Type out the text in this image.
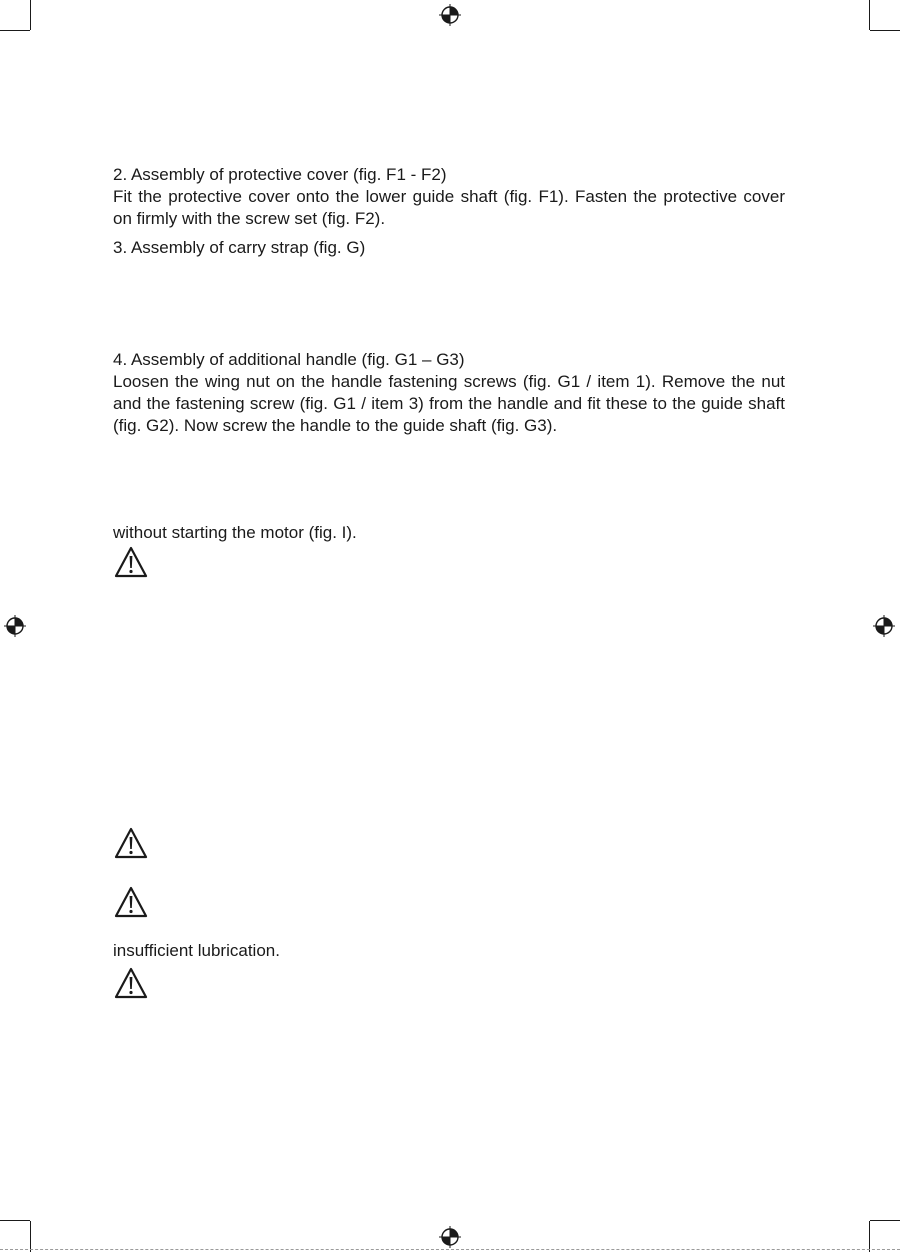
2. Assembly of protective cover (fig. F1 - F2)
Fit the protective cover onto the lower guide shaft (fig. F1). Fasten the protective cover on firmly with the screw set (fig. F2).
3. Assembly of carry strap (fig. G)
4. Assembly of additional handle (fig. G1 – G3)
Loosen the wing nut on the handle fastening screws (fig. G1 / item 1). Remove the nut and the fastening screw (fig. G1 / item 3) from the handle and fit these to the guide shaft (fig. G2). Now screw the handle to the guide shaft (fig. G3).
without starting the motor (fig. I).
insufficient lubrication.
